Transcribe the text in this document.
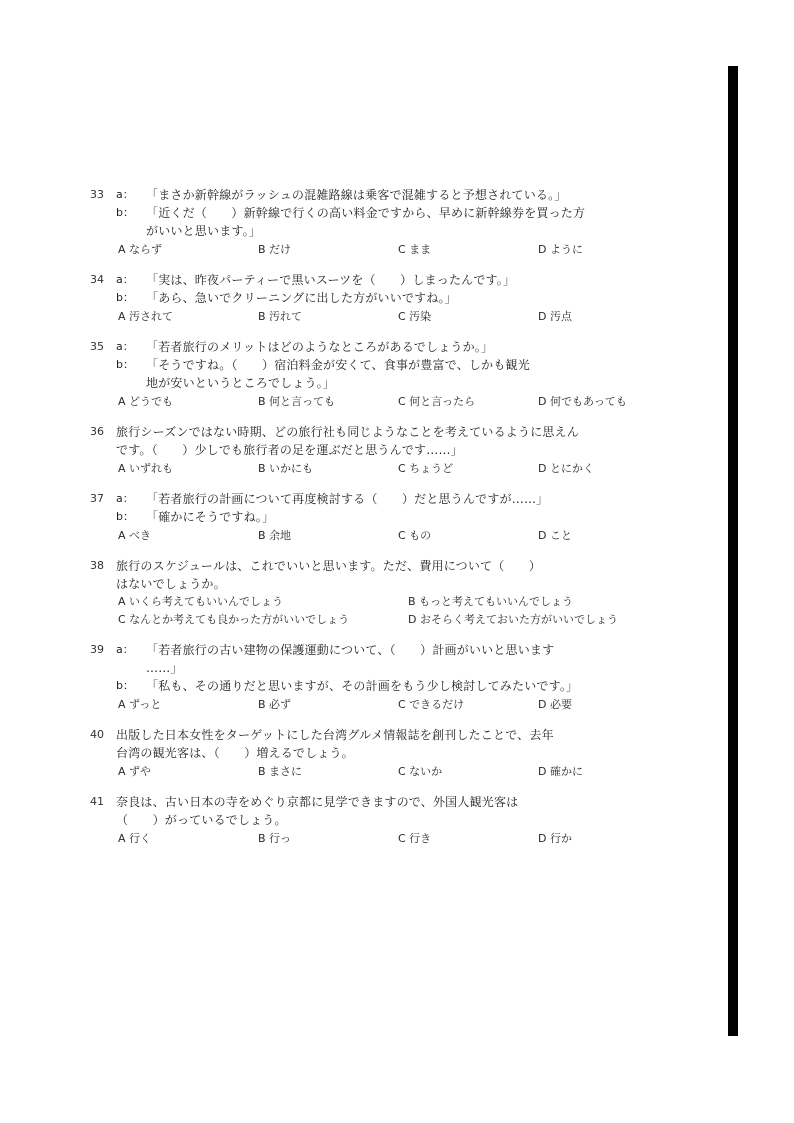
33	a：	「まさか新幹線がラッシュの混雑路線は乗客で混雑すると予想されている。」
b：	「近くだ（　　）新幹線で行くの高い料金ですから、早めに新幹線券を買った方
がいいと思います。」
A ならず	B だけ	C まま	D ように
34	a：	「実は、昨夜パーティーで黒いスーツを（　　）しまったんです。」
b：	「あら、急いでクリーニングに出した方がいいですね。」
A 汚されて	B 汚れて	C 汚染	D 汚点
35	a：	「若者旅行のメリットはどのようなところがあるでしょうか。」
b：	「そうですね。（　　）宿泊料金が安くて、食事が豊富で、しかも観光
地が安いというところでしょう。」
A どうでも	B 何と言っても	C 何と言ったら	D 何でもあっても
36	旅行シーズンではない時期、どの旅行社も同じようなことを考えているように思えん
です。（　　）少しでも旅行者の足を運ぶだと思うんです……」
A いずれも	B いかにも	C ちょうど	D とにかく
37	a：	「若者旅行の計画について再度検討する（　　）だと思うんですが……」
b：	「確かにそうですね。」
A べき	B 余地	C もの	D こと
38	旅行のスケジュールは、これでいいと思います。ただ、費用について（　　）
はないでしょうか。
A いくら考えてもいいんでしょう	B もっと考えてもいいんでしょう
C なんとか考えても良かった方がいいでしょう	D おそらく考えておいた方がいいでしょう
39	a：	「若者旅行の古い建物の保護運動について、（　　）計画がいいと思います
……」
b：	「私も、その通りだと思いますが、その計画をもう少し検討してみたいです。」
A ずっと	B 必ず	C できるだけ	D 必要
40	出版した日本女性をターゲットにした台湾グルメ情報誌を創刊したことで、去年
台湾の観光客は、（　　）増えるでしょう。
A ずや	B まさに	C ないか	D 確かに
41	奈良は、古い日本の寺をめぐり京都に見学できますので、外国人観光客は
（　　）がっているでしょう。
A 行く	B 行っ	C 行き	D 行か
